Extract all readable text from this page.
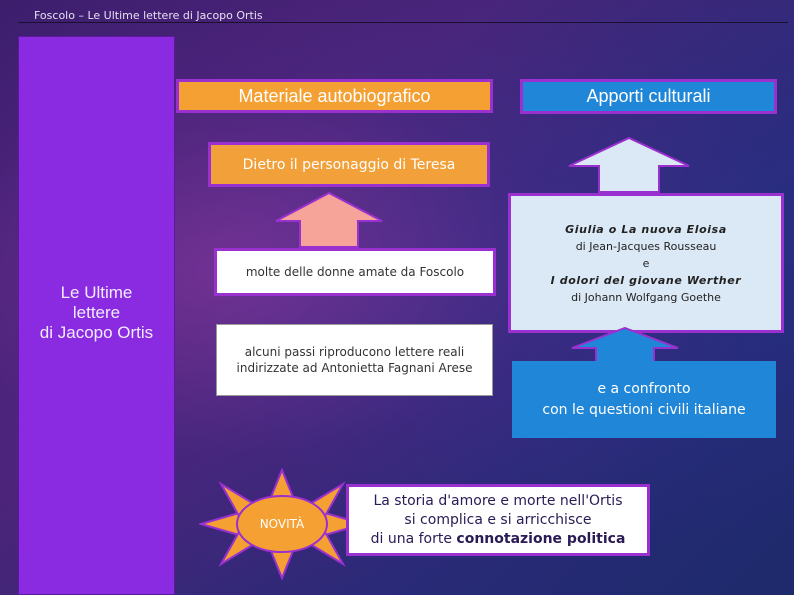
Foscolo – Le Ultime lettere di Jacopo Ortis
Le Ultime
lettere
di Jacopo Ortis
Materiale autobiografico	Apporti culturali
Dietro il personaggio di Teresa
Giulia o La nuova Eloisa
di Jean-Jacques Rousseau
e
I dolori del giovane Werther
di Johann Wolfgang Goethe
molte delle donne amate da Foscolo
alcuni passi riproducono lettere reali
indirizzate ad Antonietta Fagnani Arese
e a confronto
con le questioni civili italiane
NOVITÀ
La storia d'amore e morte nell'Ortis
si complica e si arricchisce
di una forte connotazione politica
